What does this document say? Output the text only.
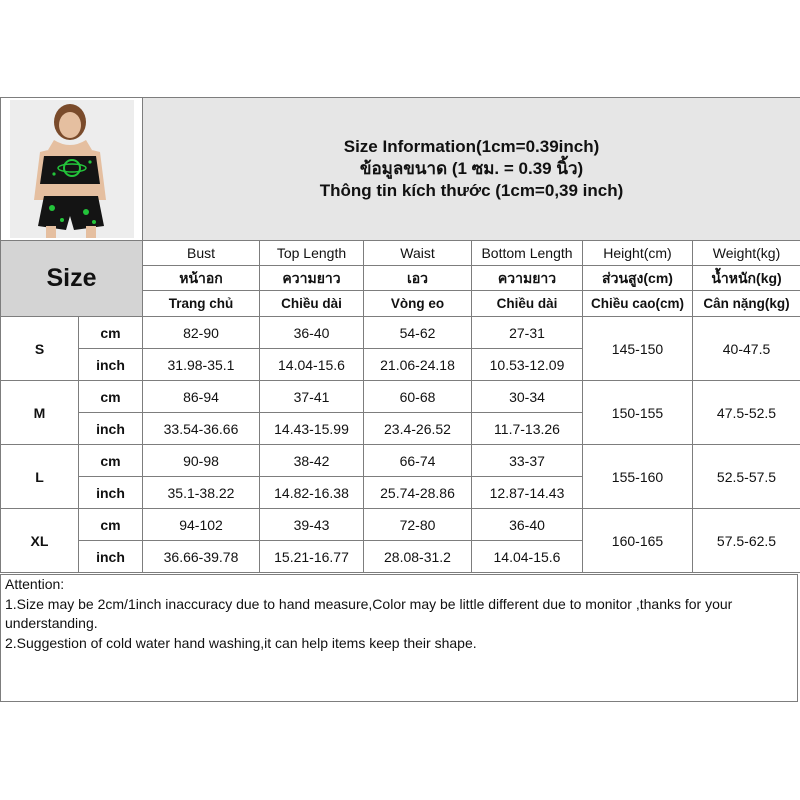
Size Information(1cm=0.39inch)
ข้อมูลขนาด (1 ซม. = 0.39 นิ้ว)
Thông tin kích thước (1cm=0,39 inch)					

Size		Bust	Top Length	Waist	Bottom Length	Height(cm)	Weight(kg)
		หน้าอก	ความยาว	เอว	ความยาว	ส่วนสูง(cm)	น้ำหนัก(kg)
		Trang chủ	Chiều dài	Vòng eo	Chiều dài	Chiều cao(cm)	Cân nặng(kg)
S	cm	82-90	36-40	54-62	27-31	145-150	40-47.5
	inch	31.98-35.1	14.04-15.6	21.06-24.18	10.53-12.09		
M	cm	86-94	37-41	60-68	30-34	150-155	47.5-52.5
	inch	33.54-36.66	14.43-15.99	23.4-26.52	11.7-13.26		
L	cm	90-98	38-42	66-74	33-37	155-160	52.5-57.5
	inch	35.1-38.22	14.82-16.38	25.74-28.86	12.87-14.43		
XL	cm	94-102	39-43	72-80	36-40	160-165	57.5-62.5
	inch	36.66-39.78	15.21-16.77	28.08-31.2	14.04-15.6		
Attention:
1.Size may be 2cm/1inch inaccuracy due to hand measure,Color may be little different due to monitor ,thanks for your understanding.
2.Suggestion of cold water hand washing,it can help items keep their shape.
